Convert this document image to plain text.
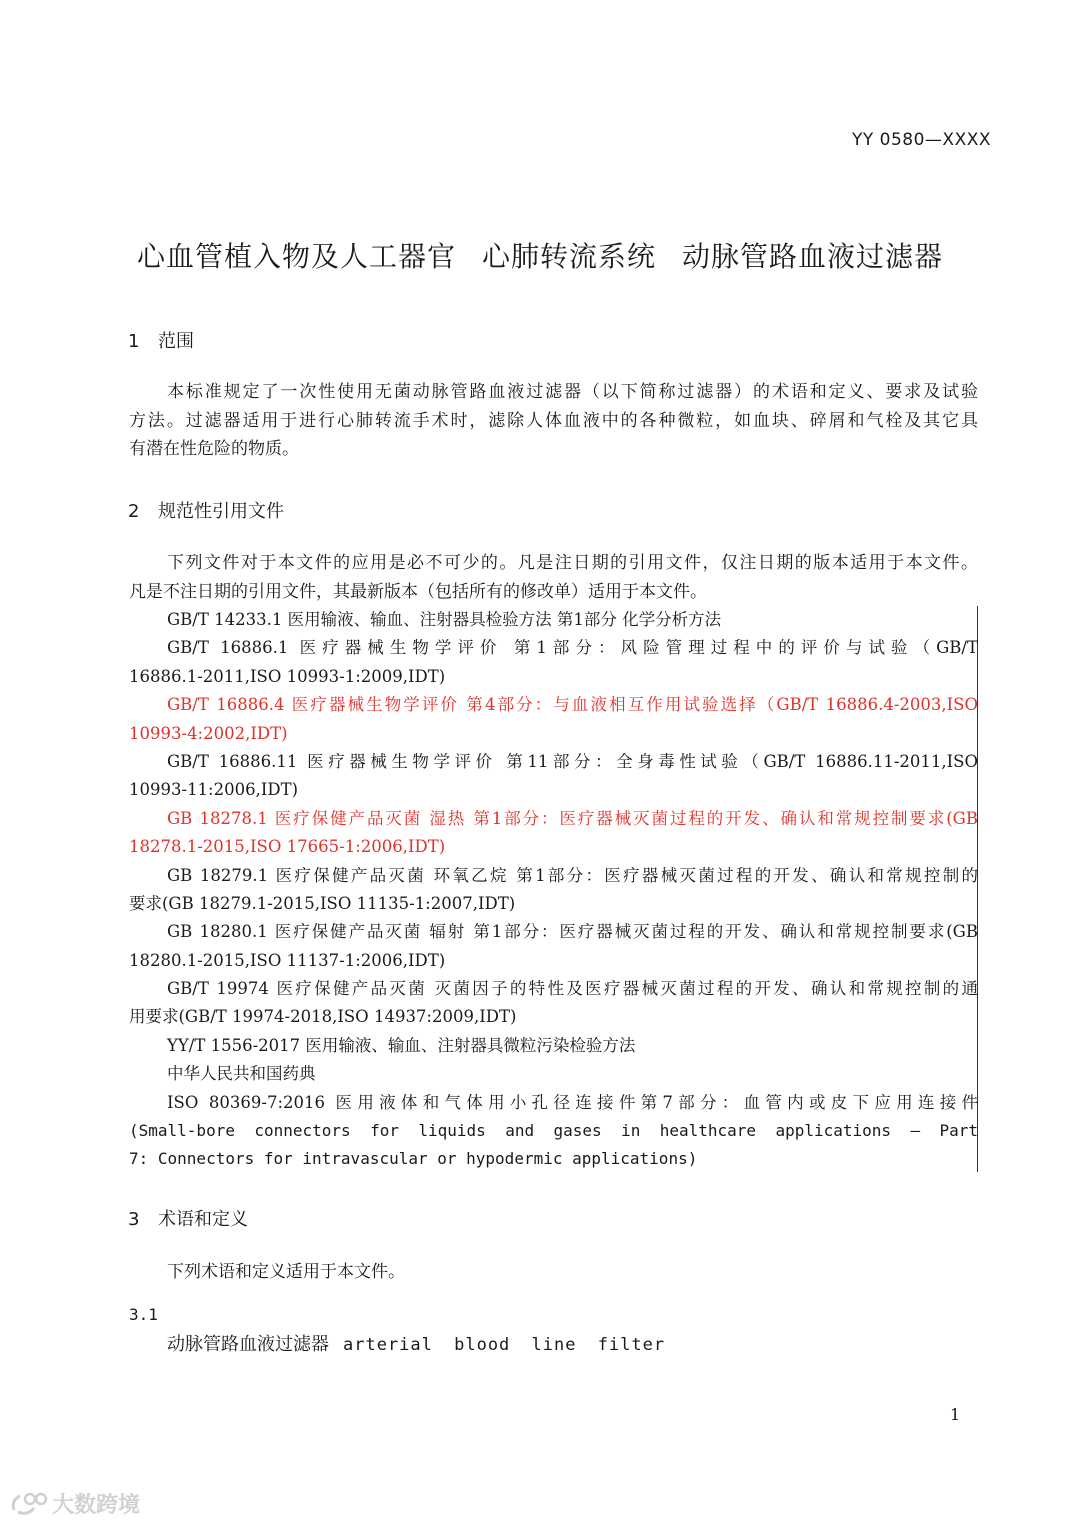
YY 0580—XXXX
心血管植入物及人工器官 心肺转流系统 动脉管路血液过滤器
1 范围
本标准规定了一次性使用无菌动脉管路血液过滤器（以下简称过滤器）的术语和定义、要求及试验
方法。过滤器适用于进行心肺转流手术时，滤除人体血液中的各种微粒，如血块、碎屑和气栓及其它具
有潜在性危险的物质。
2 规范性引用文件
下列文件对于本文件的应用是必不可少的。凡是注日期的引用文件，仅注日期的版本适用于本文件。
凡是不注日期的引用文件，其最新版本（包括所有的修改单）适用于本文件。
GB/T 14233.1 医用输液、输血、注射器具检验方法 第1部分 化学分析方法
GB/T 16886.1 医疗器械生物学评价 第1部分：风险管理过程中的评价与试验（GB/T
16886.1-2011,ISO 10993-1:2009,IDT)
GB/T 16886.4 医疗器械生物学评价 第4部分：与血液相互作用试验选择（GB/T 16886.4-2003,ISO
10993-4:2002,IDT)
GB/T 16886.11 医疗器械生物学评价 第11部分：全身毒性试验（GB/T 16886.11-2011,ISO
10993-11:2006,IDT)
GB 18278.1 医疗保健产品灭菌 湿热 第1部分：医疗器械灭菌过程的开发、确认和常规控制要求(GB
18278.1-2015,ISO 17665-1:2006,IDT)
GB 18279.1 医疗保健产品灭菌 环氧乙烷 第1部分：医疗器械灭菌过程的开发、确认和常规控制的
要求(GB 18279.1-2015,ISO 11135-1:2007,IDT)
GB 18280.1 医疗保健产品灭菌 辐射 第1部分：医疗器械灭菌过程的开发、确认和常规控制要求(GB
18280.1-2015,ISO 11137-1:2006,IDT)
GB/T 19974 医疗保健产品灭菌 灭菌因子的特性及医疗器械灭菌过程的开发、确认和常规控制的通
用要求(GB/T 19974-2018,ISO 14937:2009,IDT)
YY/T 1556-2017 医用输液、输血、注射器具微粒污染检验方法
中华人民共和国药典
ISO 80369-7:2016 医用液体和气体用小孔径连接件第7部分：血管内或皮下应用连接件
(Small-bore connectors for liquids and gases in healthcare applications — Part
7: Connectors for intravascular or hypodermic applications)
3 术语和定义
下列术语和定义适用于本文件。
3.1
动脉管路血液过滤器 arterial blood line filter
1
大数跨境
